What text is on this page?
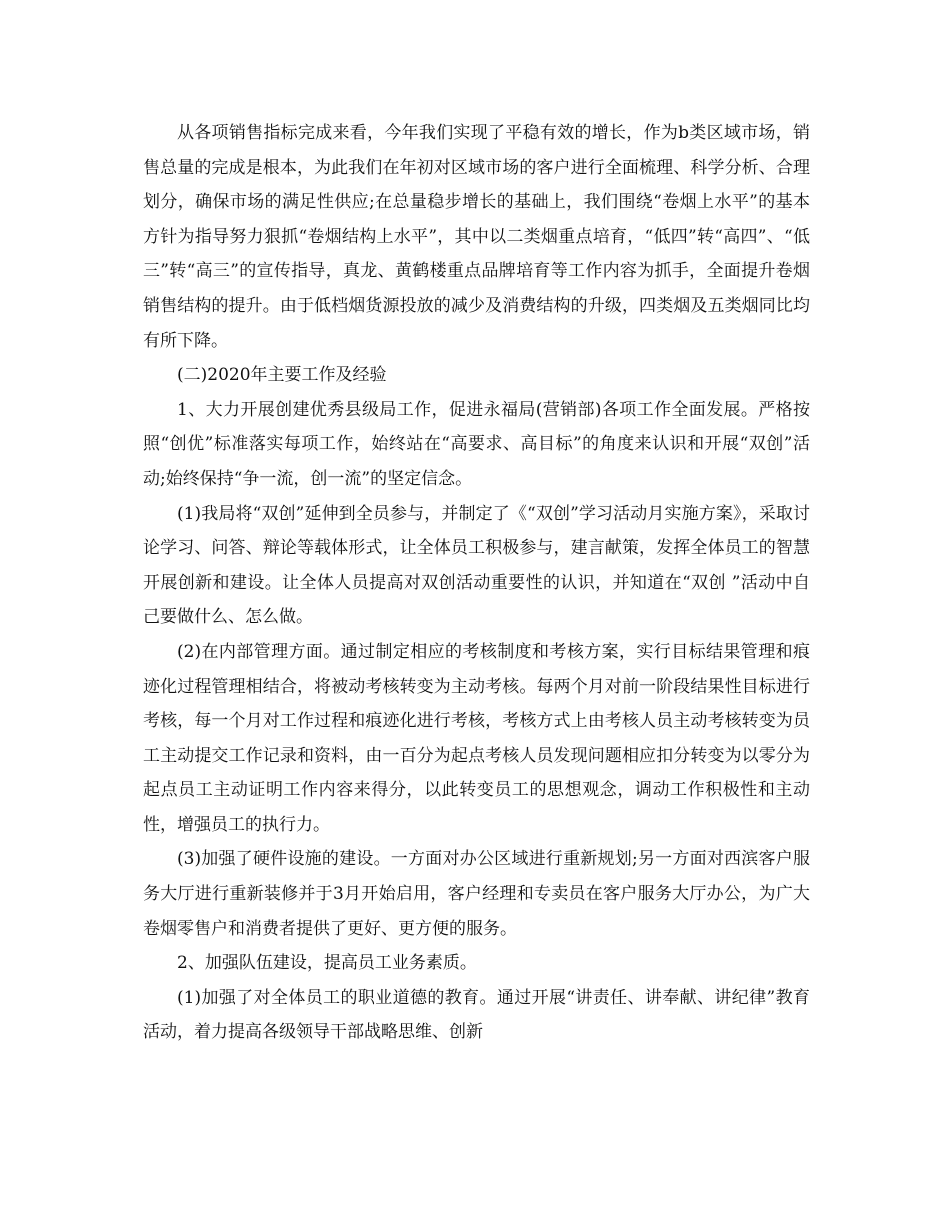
从各项销售指标完成来看，今年我们实现了平稳有效的增长，作为b类区域市场，销售总量的完成是根本，为此我们在年初对区域市场的客户进行全面梳理、科学分析、合理划分，确保市场的满足性供应;在总量稳步增长的基础上，我们围绕“卷烟上水平”的基本方针为指导努力狠抓“卷烟结构上水平”，其中以二类烟重点培育，“低四”转“高四”、“低三”转“高三”的宣传指导，真龙、黄鹤楼重点品牌培育等工作内容为抓手，全面提升卷烟销售结构的提升。由于低档烟货源投放的减少及消费结构的升级，四类烟及五类烟同比均有所下降。

(二)2020年主要工作及经验

1、大力开展创建优秀县级局工作，促进永福局(营销部)各项工作全面发展。严格按照“创优”标准落实每项工作，始终站在“高要求、高目标”的角度来认识和开展“双创”活动;始终保持“争一流，创一流”的坚定信念。

(1)我局将“双创”延伸到全员参与，并制定了《“双创”学习活动月实施方案》，采取讨论学习、问答、辩论等载体形式，让全体员工积极参与，建言献策，发挥全体员工的智慧开展创新和建设。让全体人员提高对双创活动重要性的认识，并知道在“双创 ”活动中自己要做什么、怎么做。

(2)在内部管理方面。通过制定相应的考核制度和考核方案，实行目标结果管理和痕迹化过程管理相结合，将被动考核转变为主动考核。每两个月对前一阶段结果性目标进行考核，每一个月对工作过程和痕迹化进行考核，考核方式上由考核人员主动考核转变为员工主动提交工作记录和资料，由一百分为起点考核人员发现问题相应扣分转变为以零分为起点员工主动证明工作内容来得分，以此转变员工的思想观念，调动工作积极性和主动性，增强员工的执行力。

(3)加强了硬件设施的建设。一方面对办公区域进行重新规划;另一方面对西滨客户服务大厅进行重新装修并于3月开始启用，客户经理和专卖员在客户服务大厅办公，为广大卷烟零售户和消费者提供了更好、更方便的服务。

2、加强队伍建设，提高员工业务素质。

(1)加强了对全体员工的职业道德的教育。通过开展“讲责任、讲奉献、讲纪律”教育活动，着力提高各级领导干部战略思维、创新
